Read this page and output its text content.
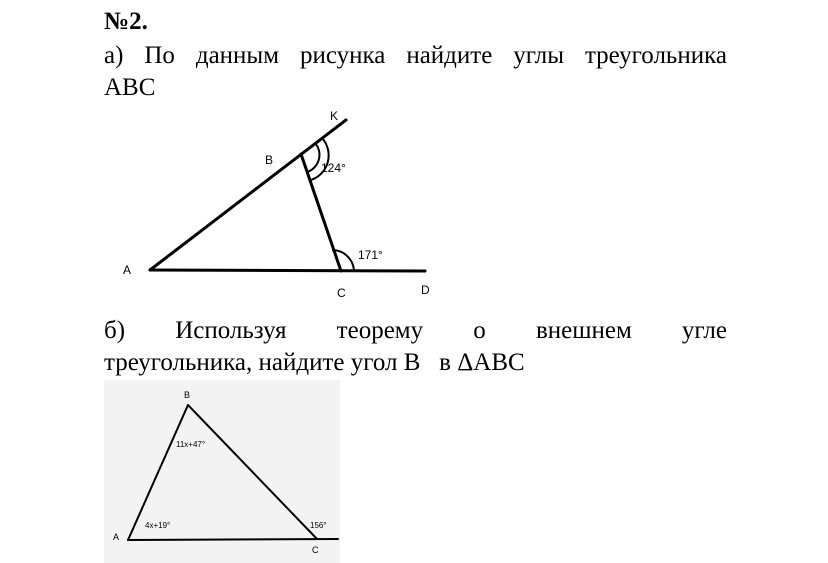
№2.
а) По данным рисунка найдите углы треугольника
ABC
K
B
A
C	D
124°
171°
б) Используя теорему о внешнем угле
треугольника, найдите угол B   в ΔABC
B
A
C
11x+47°
4x+19°	156°
